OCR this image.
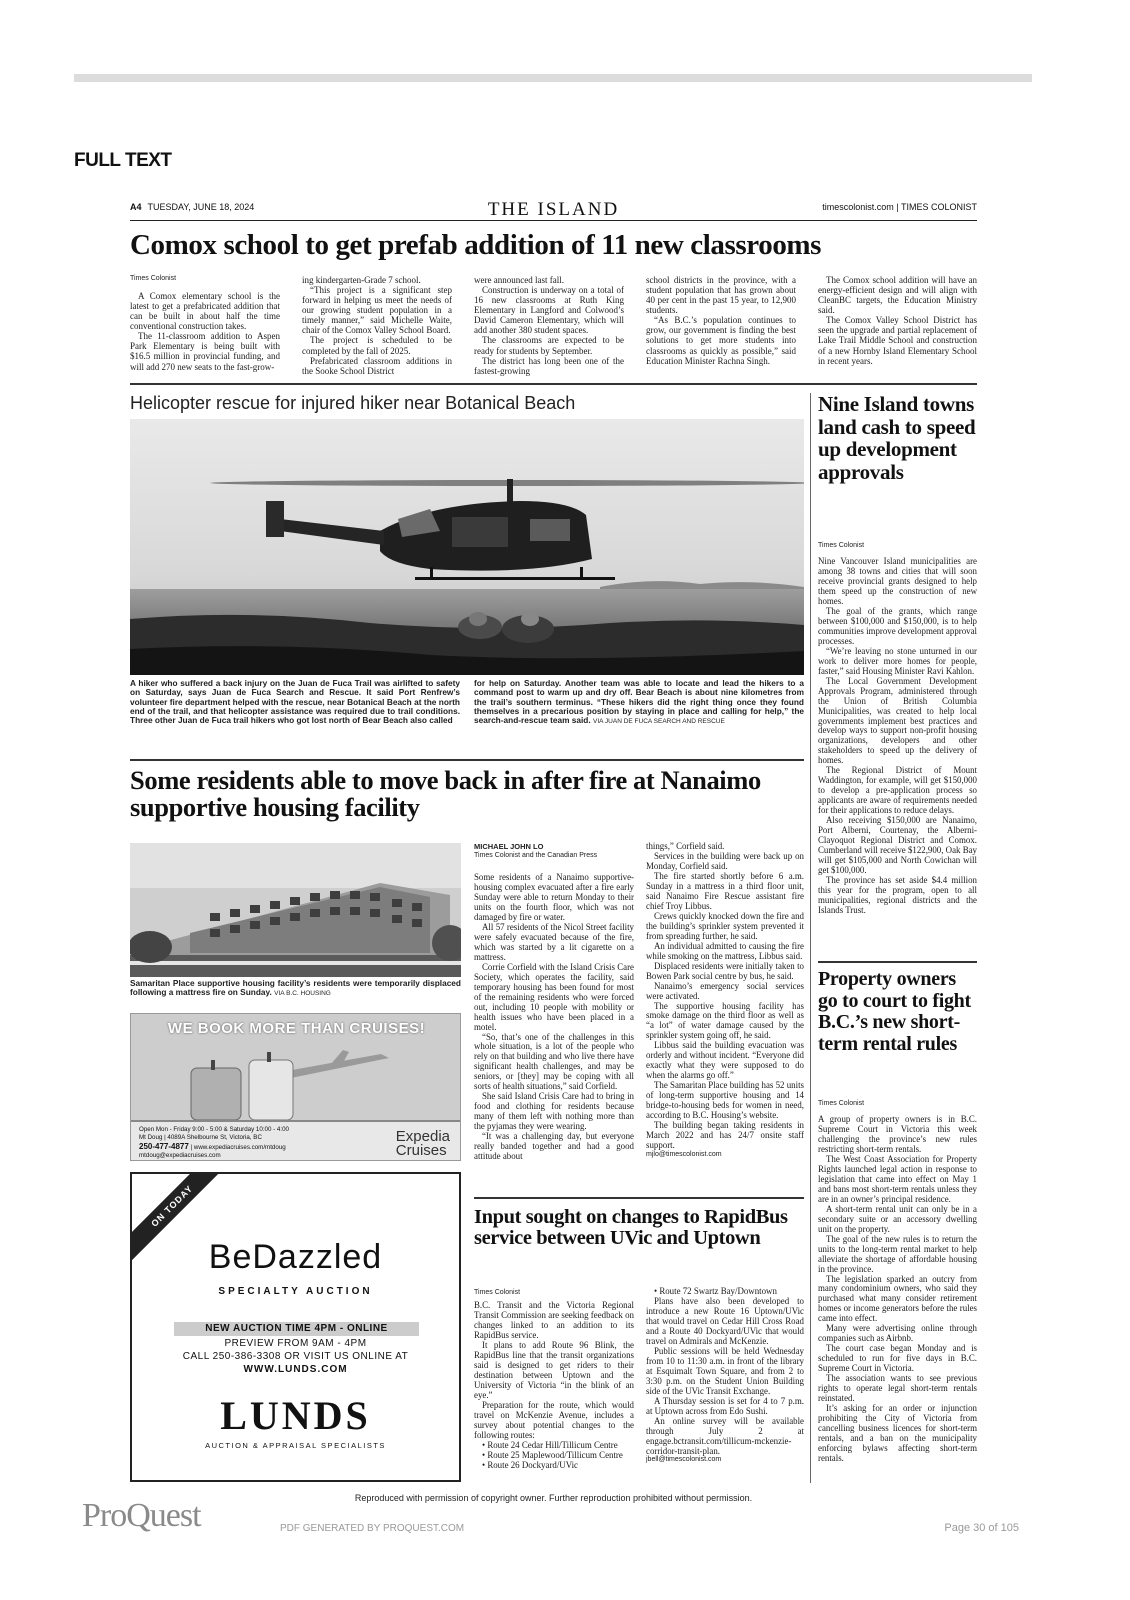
FULL TEXT
A4 TUESDAY, JUNE 18, 2024	THE ISLAND	timescolonist.com | TIMES COLONIST
Comox school to get prefab addition of 11 new classrooms
Times Colonist

A Comox elementary school is the latest to get a prefabricated addition that can be built in about half the time conventional construction takes.

The 11-classroom addition to Aspen Park Elementary is being built with $16.5 million in provincial funding, and will add 270 new seats to the fast-grow-

ing kindergarten-Grade 7 school.

“This project is a significant step forward in helping us meet the needs of our growing student population in a timely manner,” said Michelle Waite, chair of the Comox Valley School Board.

The project is scheduled to be completed by the fall of 2025.

Prefabricated classroom additions in the Sooke School District

were announced last fall.

Construction is underway on a total of 16 new classrooms at Ruth King Elementary in Langford and Colwood’s David Cameron Elementary, which will add another 380 student spaces.

The classrooms are expected to be ready for students by September.

The district has long been one of the fastest-growing

school districts in the province, with a student population that has grown about 40 per cent in the past 15 year, to 12,900 students.

“As B.C.’s population continues to grow, our government is finding the best solutions to get more students into classrooms as quickly as possible,” said Education Minister Rachna Singh.

The Comox school addition will have an energy-efficient design and will align with CleanBC targets, the Education Ministry said.

The Comox Valley School District has seen the upgrade and partial replacement of Lake Trail Middle School and construction of a new Hornby Island Elementary School in recent years.

Helicopter rescue for injured hiker near Botanical Beach
A hiker who suffered a back injury on the Juan de Fuca Trail was airlifted to safety on Saturday, says Juan de Fuca Search and Rescue. It said Port Renfrew’s volunteer fire department helped with the rescue, near Botanical Beach at the north end of the trail, and that helicopter assistance was required due to trail conditions. Three other Juan de Fuca trail hikers who got lost north of Bear Beach also called
for help on Saturday. Another team was able to locate and lead the hikers to a command post to warm up and dry off. Bear Beach is about nine kilometres from the trail’s southern terminus. “These hikers did the right thing once they found themselves in a precarious position by staying in place and calling for help,” the search-and-rescue team said. VIA JUAN DE FUCA SEARCH AND RESCUE
Some residents able to move back in after fire at Nanaimo supportive housing facility
Samaritan Place supportive housing facility’s residents were temporarily displaced following a mattress fire on Sunday. VIA B.C. HOUSING
MICHAEL JOHN LO
Times Colonist and the Canadian Press

Some residents of a Nanaimo supportive-housing complex evacuated after a fire early Sunday were able to return Monday to their units on the fourth floor, which was not damaged by fire or water.

All 57 residents of the Nicol Street facility were safely evacuated because of the fire, which was started by a lit cigarette on a mattress.

Corrie Corfield with the Island Crisis Care Society, which operates the facility, said temporary housing has been found for most of the remaining residents who were forced out, including 10 people with mobility or health issues who have been placed in a motel.

“So, that’s one of the challenges in this whole situation, is a lot of the people who rely on that building and who live there have significant health challenges, and may be seniors, or [they] may be coping with all sorts of health situations,” said Corfield.

She said Island Crisis Care had to bring in food and clothing for residents because many of them left with nothing more than the pyjamas they were wearing.

“It was a challenging day, but everyone really banded together and had a good attitude about

things,” Corfield said.

Services in the building were back up on Monday, Corfield said.

The fire started shortly before 6 a.m. Sunday in a mattress in a third floor unit, said Nanaimo Fire Rescue assistant fire chief Troy Libbus.

Crews quickly knocked down the fire and the building’s sprinkler system prevented it from spreading further, he said.

An individual admitted to causing the fire while smoking on the mattress, Libbus said.

Displaced residents were initially taken to Bowen Park social centre by bus, he said.

Nanaimo’s emergency social services were activated.

The supportive housing facility has smoke damage on the third floor as well as “a lot” of water damage caused by the sprinkler system going off, he said.

Libbus said the building evacuation was orderly and without incident. “Everyone did exactly what they were supposed to do when the alarms go off.”

The Samaritan Place building has 52 units of long-term supportive housing and 14 bridge-to-housing beds for women in need, according to B.C. Housing’s website.

The building began taking residents in March 2022 and has 24/7 onsite staff support.

mjlo@timescolonist.com

Input sought on changes to RapidBus service between UVic and Uptown
Times Colonist

B.C. Transit and the Victoria Regional Transit Commission are seeking feedback on changes linked to an addition to its RapidBus service.

It plans to add Route 96 Blink, the RapidBus line that the transit organizations said is designed to get riders to their destination between Uptown and the University of Victoria “in the blink of an eye.”

Preparation for the route, which would travel on McKenzie Avenue, includes a survey about potential changes to the following routes:

• Route 24 Cedar Hill/Tillicum Centre

• Route 25 Maplewood/Tillicum Centre

• Route 26 Dockyard/UVic

• Route 72 Swartz Bay/Downtown

Plans have also been developed to introduce a new Route 16 Uptown/UVic that would travel on Cedar Hill Cross Road and a Route 40 Dockyard/UVic that would travel on Admirals and McKenzie.

Public sessions will be held Wednesday from 10 to 11:30 a.m. in front of the library at Esquimalt Town Square, and from 2 to 3:30 p.m. on the Student Union Building side of the UVic Transit Exchange.

A Thursday session is set for 4 to 7 p.m. at Uptown across from Edo Sushi.

An online survey will be available through July 2 at engage.bctransit.com/tillicum-mckenzie-corridor-transit-plan.

jbell@timescolonist.com

Nine Island towns land cash to speed up development approvals
Times Colonist

Nine Vancouver Island municipalities are among 38 towns and cities that will soon receive provincial grants designed to help them speed up the construction of new homes.

The goal of the grants, which range between $100,000 and $150,000, is to help communities improve development approval processes.

“We’re leaving no stone unturned in our work to deliver more homes for people, faster,” said Housing Minister Ravi Kahlon.

The Local Government Development Approvals Program, administered through the Union of British Columbia Municipalities, was created to help local governments implement best practices and develop ways to support non-profit housing organizations, developers and other stakeholders to speed up the delivery of homes.

The Regional District of Mount Waddington, for example, will get $150,000 to develop a pre-application process so applicants are aware of requirements needed for their applications to reduce delays.

Also receiving $150,000 are Nanaimo, Port Alberni, Courtenay, the Alberni-Clayoquot Regional District and Comox. Cumberland will receive $122,900, Oak Bay will get $105,000 and North Cowichan will get $100,000.

The province has set aside $4.4 million this year for the program, open to all municipalities, regional districts and the Islands Trust.

Property owners go to court to fight B.C.’s new short-term rental rules
Times Colonist

A group of property owners is in B.C. Supreme Court in Victoria this week challenging the province’s new rules restricting short-term rentals.

The West Coast Association for Property Rights launched legal action in response to legislation that came into effect on May 1 and bans most short-term rentals unless they are in an owner’s principal residence.

A short-term rental unit can only be in a secondary suite or an accessory dwelling unit on the property.

The goal of the new rules is to return the units to the long-term rental market to help alleviate the shortage of affordable housing in the province.

The legislation sparked an outcry from many condominium owners, who said they purchased what many consider retirement homes or income generators before the rules came into effect.

Many were advertising online through companies such as Airbnb.

The court case began Monday and is scheduled to run for five days in B.C. Supreme Court in Victoria.

The association wants to see previous rights to operate legal short-term rentals reinstated.

It’s asking for an order or injunction prohibiting the City of Victoria from cancelling business licences for short-term rentals, and a ban on the municipality enforcing bylaws affecting short-term rentals.

WE BOOK MORE THAN CRUISES!
Open Mon - Friday 9:00 - 5:00 & Saturday 10:00 - 4:00
Mt Doug | 4089A Shelbourne St, Victoria, BC
250-477-4877 | www.expediacruises.com/mtdoug
mtdoug@expediacruises.com
Expedia
Cruises
ON TODAY
BeDazzled
SPECIALTY AUCTION
NEW AUCTION TIME 4PM - ONLINE
PREVIEW FROM 9AM - 4PM
CALL 250-386-3308 OR VISIT US ONLINE AT
WWW.LUNDS.COM
LUNDS
AUCTION & APPRAISAL SPECIALISTS
Reproduced with permission of copyright owner. Further reproduction prohibited without permission.
ProQuest	PDF GENERATED BY PROQUEST.COM	Page 30 of 105
